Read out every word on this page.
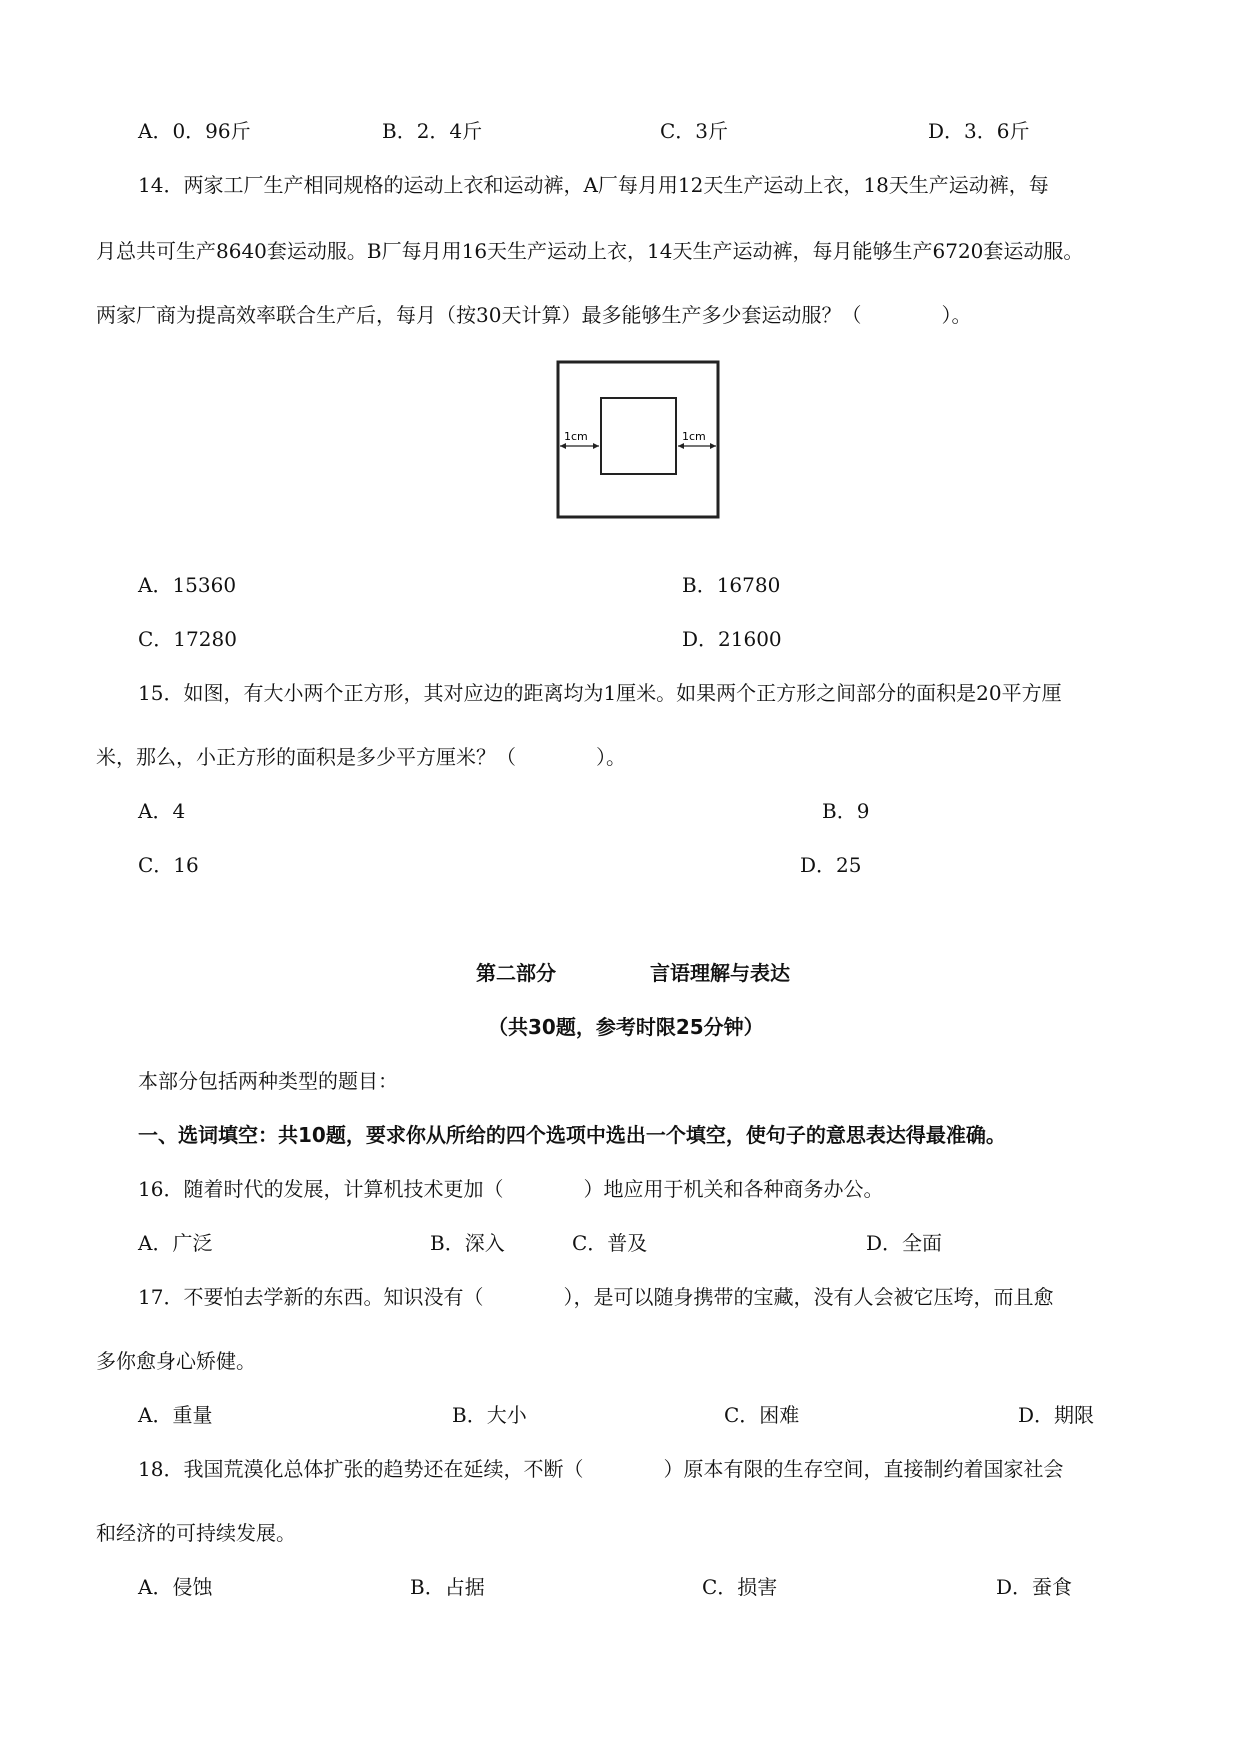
A．0．96斤	B．2．4斤	C．3斤	D．3．6斤
14．两家工厂生产相同规格的运动上衣和运动裤，A厂每月用12天生产运动上衣，18天生产运动裤，每
月总共可生产8640套运动服。B厂每月用16天生产运动上衣，14天生产运动裤，每月能够生产6720套运动服。
两家厂商为提高效率联合生产后，每月（按30天计算）最多能够生产多少套运动服？（　　　　）。
1cm	1cm
A．15360	B．16780
C．17280	D．21600
15．如图，有大小两个正方形，其对应边的距离均为1厘米。如果两个正方形之间部分的面积是20平方厘
米，那么，小正方形的面积是多少平方厘米？（　　　　）。
A．4	B．9
C．16	D．25
第二部分	言语理解与表达
（共30题，参考时限25分钟）
本部分包括两种类型的题目：
一、选词填空：共10题，要求你从所给的四个选项中选出一个填空，使句子的意思表达得最准确。
16．随着时代的发展，计算机技术更加（　　　　）地应用于机关和各种商务办公。
A．广泛	B．深入	C．普及	D．全面
17．不要怕去学新的东西。知识没有（　　　　），是可以随身携带的宝藏，没有人会被它压垮，而且愈
多你愈身心矫健。
A．重量	B．大小	C．困难	D．期限
18．我国荒漠化总体扩张的趋势还在延续，不断（　　　　）原本有限的生存空间，直接制约着国家社会
和经济的可持续发展。
A．侵蚀	B．占据	C．损害	D．蚕食
